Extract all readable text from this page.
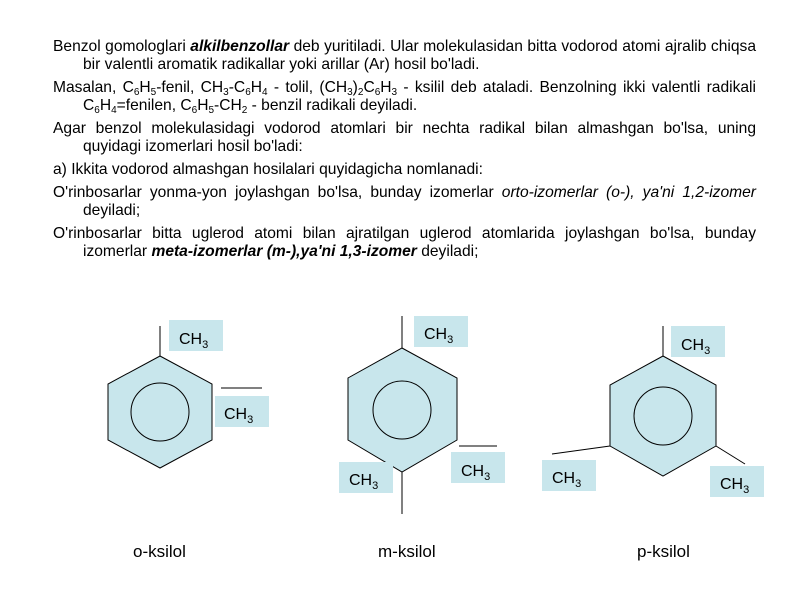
Benzol gomologlari alkilbenzollar deb yuritiladi. Ular molekulasidan bitta vodorod atomi ajralib chiqsa bir valentli aromatik radikallar yoki arillar (Ar) hosil bo'ladi.

Masalan, $C_6H_5$-fenil, $CH_3-C_6H_4$ - tolil, $(CH_3)_2C_6H_3$ - ksilil deb ataladi. Benzolning ikki valentli radikali $C_6H_4=fenilen$, $C_6H_5-CH_2$ - benzil radikali deyiladi.

Agar benzol molekulasidagi vodorod atomlari bir nechta radikal bilan almashgan bo'lsa, uning quyidagi izomerlari hosil bo'ladi:

a) Ikkita vodorod almashgan hosilalari quyidagicha nomlanadi:

O'rinbosarlar yonma-yon joylashgan bo'lsa, bunday izomerlar orto-izomerlar (o-), ya'ni 1,2-izomer deyiladi;

O'rinbosarlar bitta uglerod atomi bilan ajratilgan uglerod atomlarida joylashgan bo'lsa, bunday izomerlar meta-izomerlar (m-),ya'ni 1,3-izomer deyiladi;

$CH_3$
$CH_3$
$CH_3$
$CH_3$
$CH_3$
$CH_3$
$CH_3$	$CH_3$
o-ksilol	m-ksilol	p-ksilol
